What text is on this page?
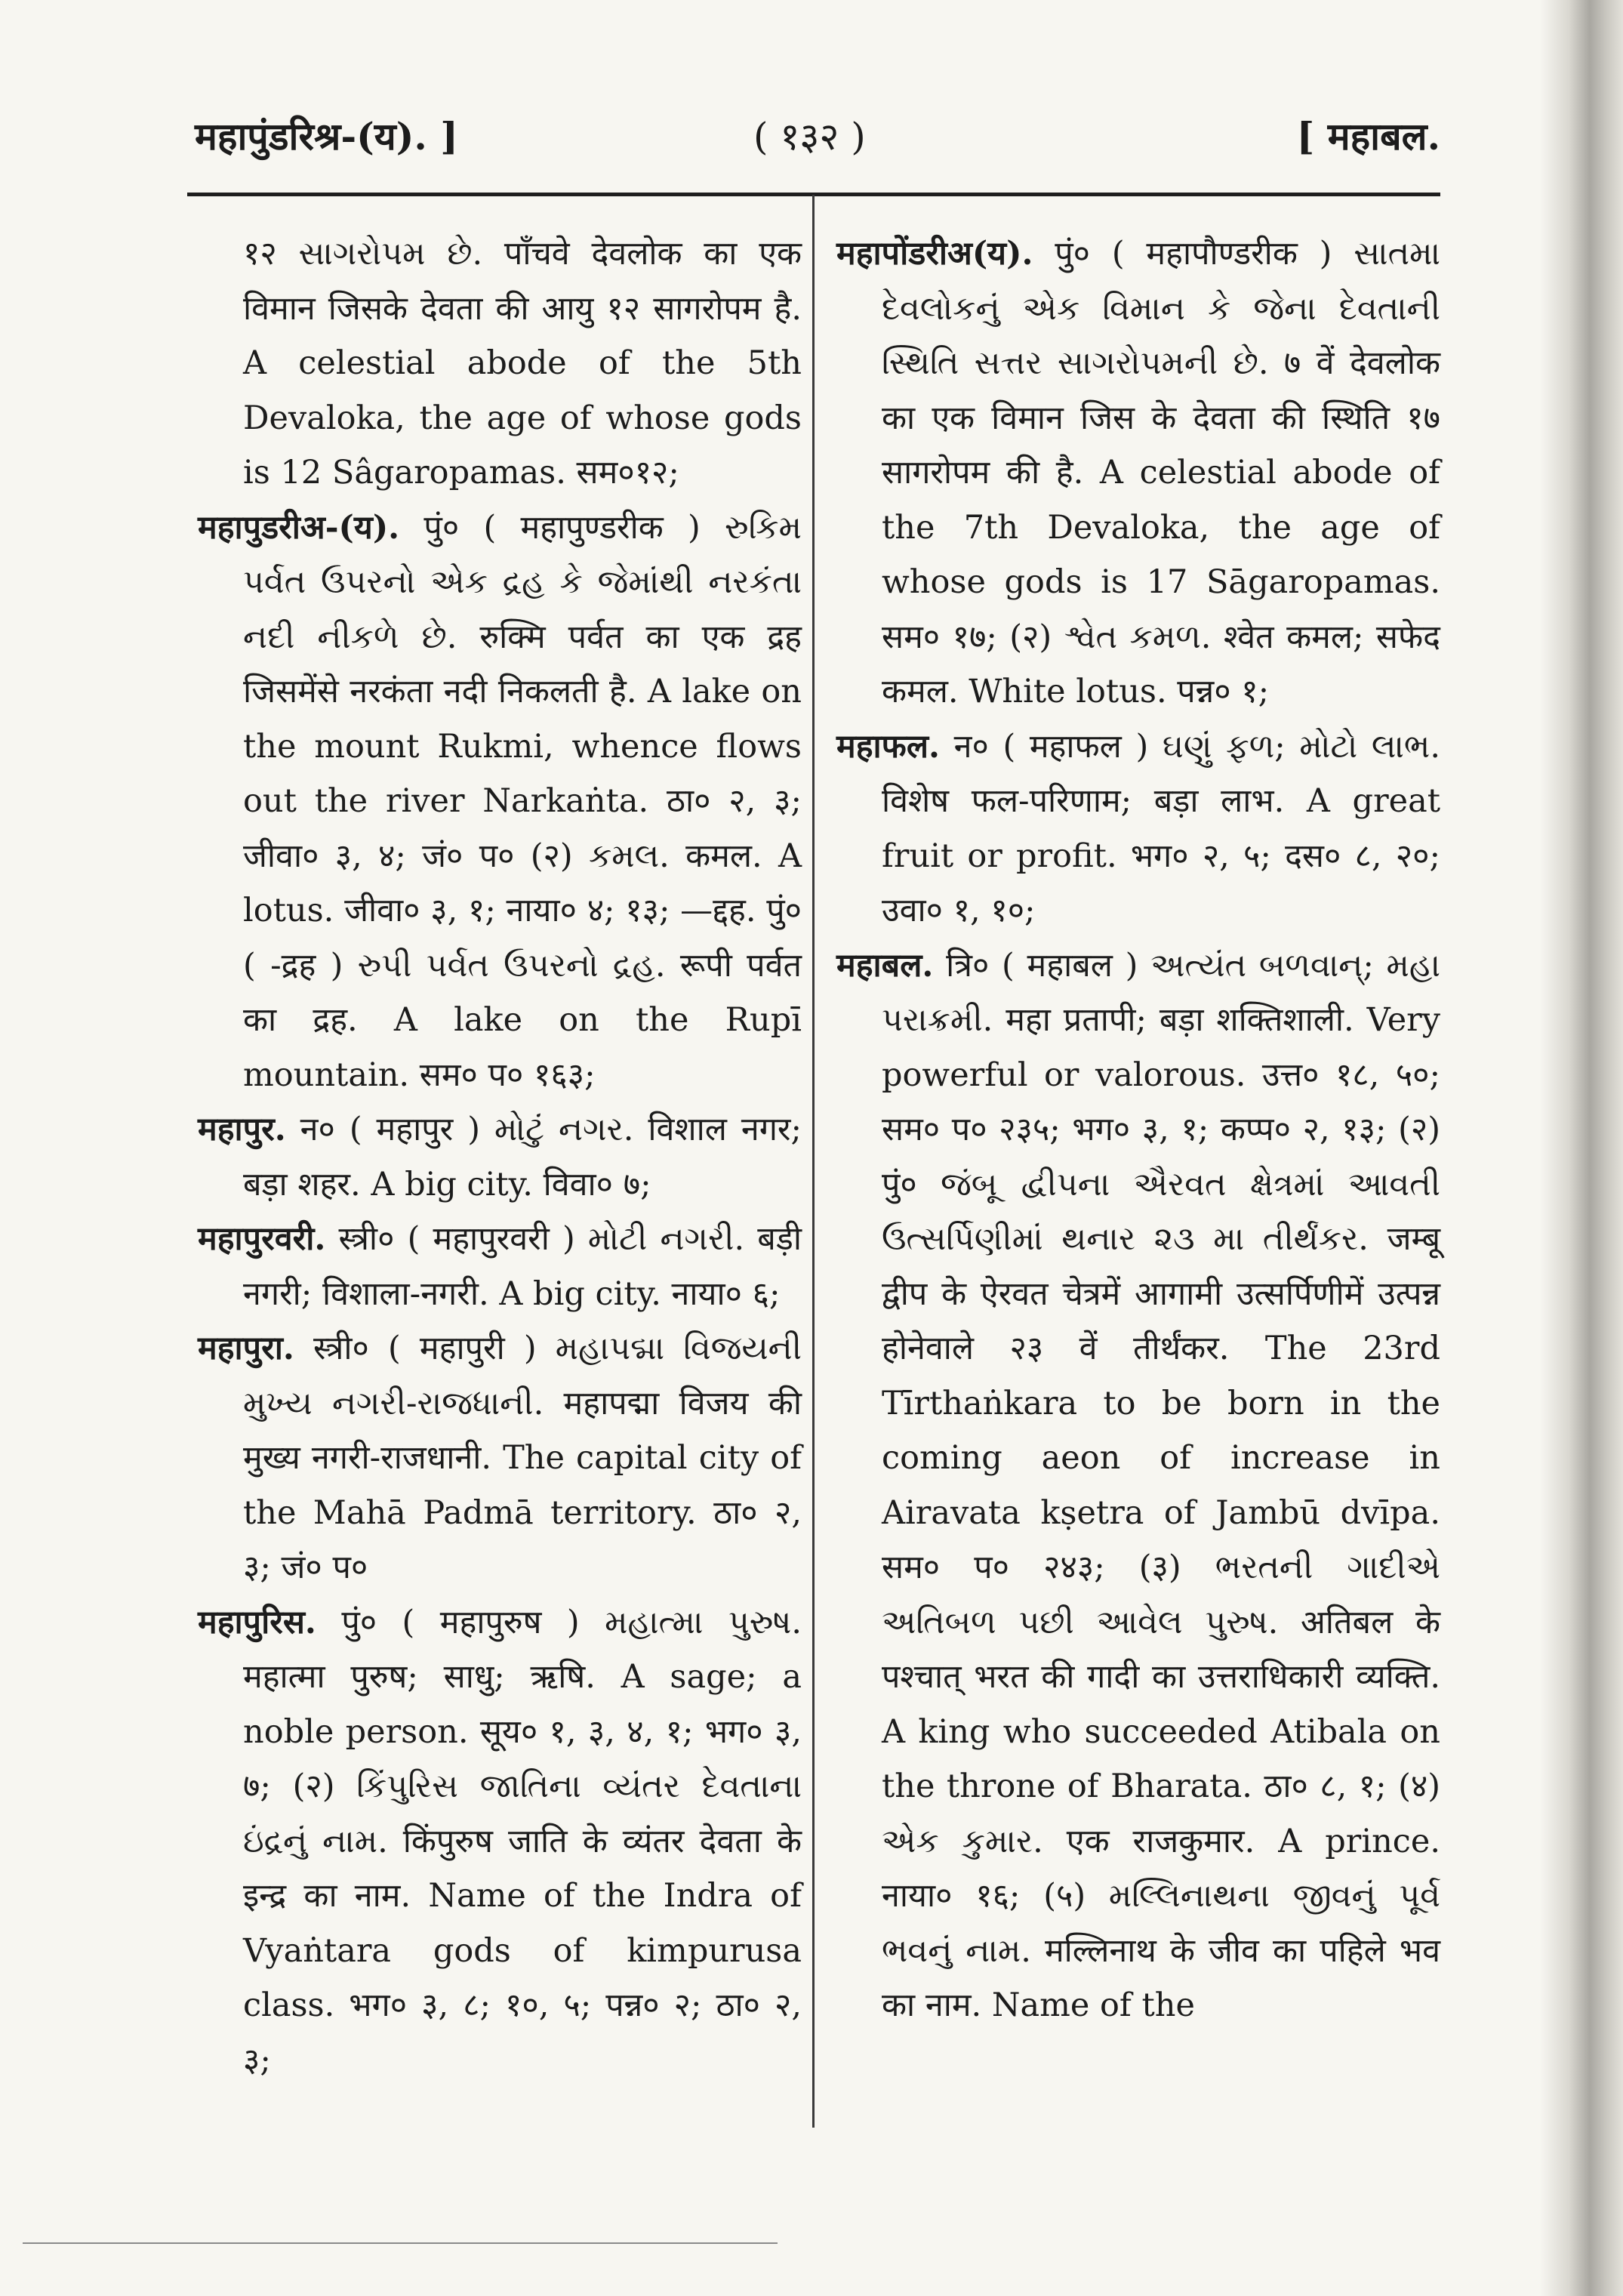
महापुंडरिश्र-(य). ]	( १३२ )	[ महाबल.

१२ સાગરોપમ છે. पाँचवे देवलोक का एक विमान जिसके देवता की आयु १२ सागरोपम है. A celestial abode of the 5th Devaloka, the age of whose gods is 12 Sâgaropamas. सम०१२;

महापुडरीअ-(य). पुं० ( महापुण्डरीक ) રુકિમ પર્વત ઉપરનો એક દ્રહ કે જેમાંથી નરકંતા નદી નીકળે છે. रुक्मि पर्वत का एक द्रह जिसमेंसे नरकंता नदी निकलती है. A lake on the mount Rukmi, whence flows out the river Narkaṅta. ठा० २, ३; जीवा० ३, ४; जं० प० (२) કમલ. कमल. A lotus. जीवा० ३, १; नाया० ४; १३; —द्दह. पुं० ( -द्रह ) રુપી પર્વત ઉપરનો દ્રહ. रूपी पर्वत का द्रह. A lake on the Rupī mountain. सम० प० १६३;

महापुर. न० ( महापुर ) મોટું નગર. विशाल नगर; बड़ा शहर. A big city. विवा० ७;

महापुरवरी. स्त्री० ( महापुरवरी ) મોટી નગરી. बड़ी नगरी; विशाला-नगरी. A big city. नाया० ६;

महापुरा. स्त्री० ( महापुरी ) મહાપદ્મા વિજયની મુખ્ય નગરી-રાજધાની. महापद्मा विजय की मुख्य नगरी-राजधानी. The capital city of the Mahā Padmā territory. ठा० २, ३; जं० प०

महापुरिस. पुं० ( महापुरुष ) મહાત્મા પુરુષ. महात्मा पुरुष; साधु; ऋषि. A sage; a noble person. सूय० १, ३, ४, १; भग० ३, ७; (२) કિંપુરિસ જાતિના વ્યંતર દેવતાના ઇંદ્રનું નામ. किंपुरुष जाति के व्यंतर देवता के इन्द्र का नाम. Name of the Indra of Vyaṅtara gods of kimpurusa class. भग० ३, ८; १०, ५; पन्न० २; ठा० २, ३;

महापोंडरीअ(य). पुं० ( महापौण्डरीक ) સાતમા દેવલોકનું એક વિમાન કે જેના દેવતાની સ્થિતિ સત્તર સાગરોપમની છે. ७ वें देवलोक का एक विमान जिस के देवता की स्थिति १७ सागरोपम की है. A celestial abode of the 7th Devaloka, the age of whose gods is 17 Sāgaropamas. सम० १७; (२) શ્વેત કમળ. श्वेत कमल; सफेद कमल. White lotus. पन्न० १;

महाफल. न० ( महाफल ) ઘણું ફળ; મોટો લાભ. विशेष फल-परिणाम; बड़ा लाभ. A great fruit or profit. भग० २, ५; दस० ८, २०; उवा० १, १०;

महाबल. त्रि० ( महाबल ) અત્યંત બળવાન્; મહા પરાક્રમી. महा प्रतापी; बड़ा शक्तिशाली. Very powerful or valorous. उत्त० १८, ५०; सम० प० २३५; भग० ३, १; कप्प० २, १३; (२) पुं० જંબૂ દ્વીપના ઐરવત ક્ષેત્રમાં આવતી ઉત્સર્પિણીમાં થનાર ૨૩ મા તીર્થંકર. जम्बू द्वीप के ऐरवत चेत्रमें आगामी उत्सर्पिणीमें उत्पन्न होनेवाले २३ वें तीर्थंकर. The 23rd Tīrthaṅkara to be born in the coming aeon of increase in Airavata kṣetra of Jambū dvīpa. सम० प० २४३; (३) ભરતની ગાદીએ અતિબળ પછી આવેલ પુરુષ. अतिबल के पश्चात् भरत की गादी का उत्तराधिकारी व्यक्ति. A king who succeeded Atibala on the throne of Bharata. ठा० ८, १; (४) એક કુમાર. एक राजकुमार. A prince. नाया० १६; (५) મલ્લિનાથના જીવનું પૂર્વ ભવનું નામ. मल्लिनाथ के जीव का पहिले भव का नाम. Name of the
